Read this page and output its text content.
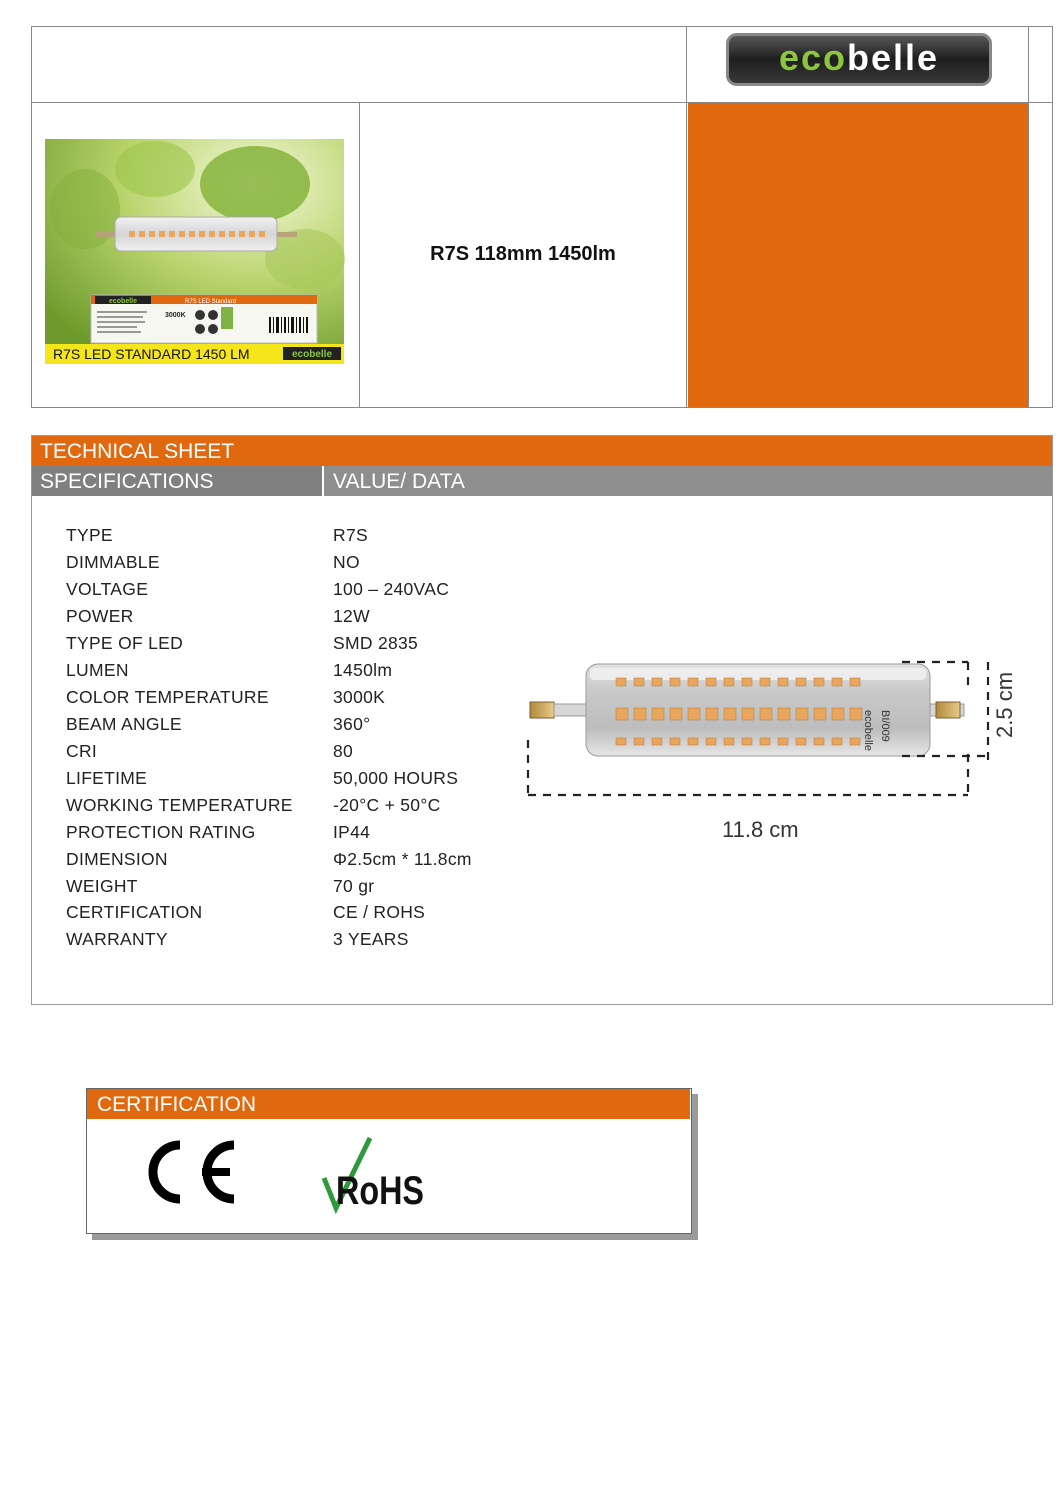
ecobelle
ecobelle	R7S LED Standard
3000K
R7S LED STANDARD 1450 LM	ecobelle
R7S 118mm 1450lm
TECHNICAL SHEET
SPECIFICATIONS	VALUE/ DATA
TYPE	R7S
DIMMABLE	NO
VOLTAGE	100 – 240VAC
POWER	12W
TYPE OF LED	SMD 2835
LUMEN	1450lm
COLOR TEMPERATURE	3000K
BEAM ANGLE	360°
CRI	80
LIFETIME	50,000 HOURS
WORKING TEMPERATURE -20°C + 50°C
PROTECTION RATING	IP44
DIMENSION	Φ2.5cm * 11.8cm
WEIGHT	70 gr
CERTIFICATION	CE / ROHS
WARRANTY	3 YEARS
ecobelle BI/009
11.8 cm
2.5 cm
CERTIFICATION
RoHS
